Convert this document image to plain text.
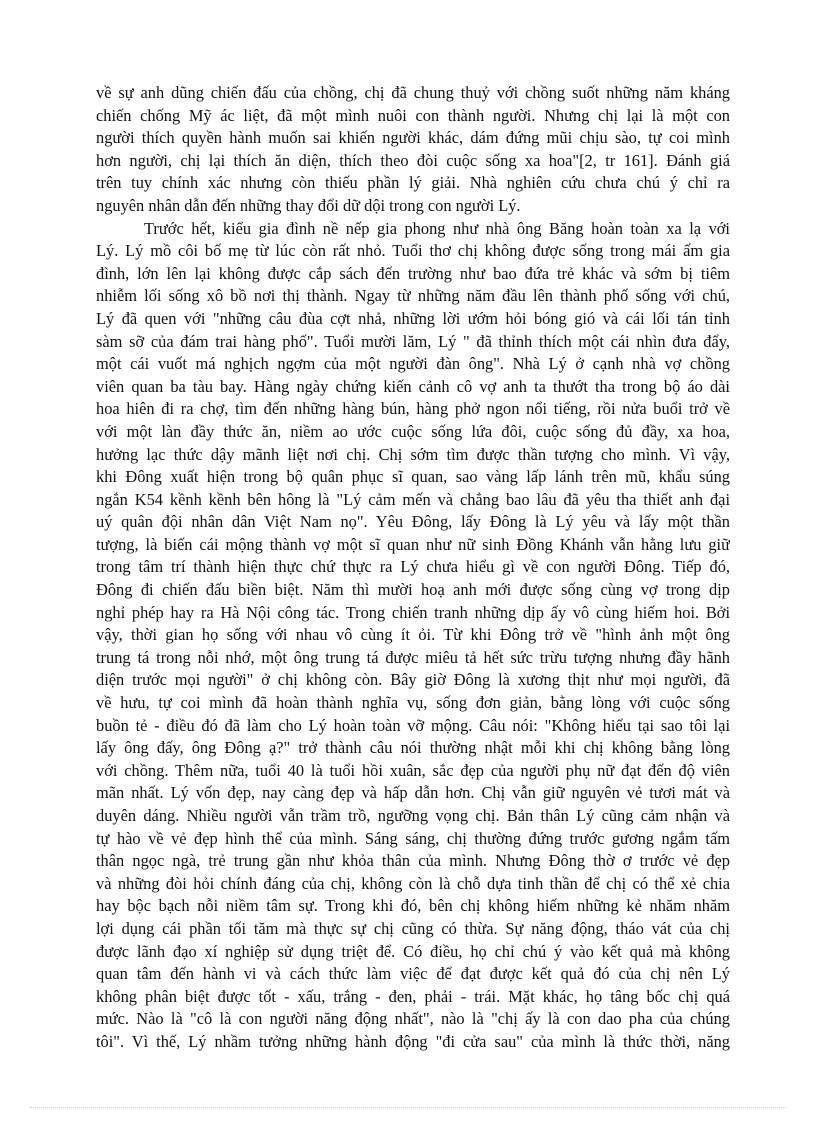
về sự anh dũng chiến đấu của chồng, chị đã chung thuỷ với chồng suốt những năm kháng
chiến chống Mỹ ác liệt, đã một mình nuôi con thành người. Nhưng chị lại là một con
người thích quyền hành muốn sai khiến người khác, dám đứng mũi chịu sào, tự coi mình
hơn người, chị lại thích ăn diện, thích theo đòi cuộc sống xa hoa"[2, tr 161]. Đánh giá
trên tuy chính xác nhưng còn thiếu phần lý giải. Nhà nghiên cứu chưa chú ý chỉ ra
nguyên nhân dẫn đến những thay đổi dữ dội trong con người Lý.
Trước hết, kiểu gia đình nề nếp gia phong như nhà ông Băng hoàn toàn xa lạ với
Lý. Lý mồ côi bố mẹ từ lúc còn rất nhỏ. Tuổi thơ chị không được sống trong mái ấm gia
đình, lớn lên lại không được cắp sách đến trường như bao đứa trẻ khác và sớm bị tiêm
nhiễm lối sống xô bồ nơi thị thành. Ngay từ những năm đầu lên thành phố sống với chú,
Lý đã quen với "những câu đùa cợt nhả, những lời ướm hỏi bóng gió và cái lối tán tỉnh
sàm sỡ của đám trai hàng phố". Tuổi mười lăm, Lý " đã thỉnh thích một cái nhìn đưa đẩy,
một cái vuốt má nghịch ngợm của một người đàn ông". Nhà Lý ở cạnh nhà vợ chồng
viên quan ba tàu bay. Hàng ngày chứng kiến cảnh cô vợ anh ta thướt tha trong bộ áo dài
hoa hiên đi ra chợ, tìm đến những hàng bún, hàng phở ngon nổi tiếng, rồi nửa buổi trở về
với một làn đầy thức ăn, niềm ao ước cuộc sống lứa đôi, cuộc sống đủ đầy, xa hoa,
hưởng lạc thức dậy mãnh liệt nơi chị. Chị sớm tìm được thần tượng cho mình. Vì vậy,
khi Đông xuất hiện trong bộ quân phục sĩ quan, sao vàng lấp lánh trên mũ, khẩu súng
ngắn K54 kềnh kềnh bên hông là "Lý cảm mến và chẳng bao lâu đã yêu tha thiết anh đại
uý quân đội nhân dân Việt Nam nọ". Yêu Đông, lấy Đông là Lý yêu và lấy một thần
tượng, là biến cái mộng thành vợ một sĩ quan như nữ sinh Đồng Khánh vẫn hằng lưu giữ
trong tâm trí thành hiện thực chứ thực ra Lý chưa hiểu gì về con người Đông. Tiếp đó,
Đông đi chiến đấu biền biệt. Năm thì mười hoạ anh mới được sống cùng vợ trong dịp
nghỉ phép hay ra Hà Nội công tác. Trong chiến tranh những dịp ấy vô cùng hiếm hoi. Bởi
vậy, thời gian họ sống với nhau vô cùng ít ỏi. Từ khi Đông trở về "hình ảnh một ông
trung tá trong nỗi nhớ, một ông trung tá được miêu tả hết sức trừu tượng nhưng đầy hãnh
diện trước mọi người" ở chị không còn. Bây giờ Đông là xương thịt như mọi người, đã
về hưu, tự coi mình đã hoàn thành nghĩa vụ, sống đơn giản, bằng lòng với cuộc sống
buồn tẻ - điều đó đã làm cho Lý hoàn toàn vỡ mộng. Câu nói: "Không hiểu tại sao tôi lại
lấy ông đấy, ông Đông ạ?" trở thành câu nói thường nhật mỗi khi chị không bằng lòng
với chồng. Thêm nữa, tuổi 40 là tuổi hồi xuân, sắc đẹp của người phụ nữ đạt đến độ viên
mãn nhất. Lý vốn đẹp, nay càng đẹp và hấp dẫn hơn. Chị vẫn giữ nguyên vẻ tươi mát và
duyên dáng. Nhiều người vẫn trầm trồ, ngưỡng vọng chị. Bản thân Lý cũng cảm nhận và
tự hào về vẻ đẹp hình thể của mình. Sáng sáng, chị thường đứng trước gương ngắm tấm
thân ngọc ngà, trẻ trung gần như khỏa thân của mình. Nhưng Đông thờ ơ trước vẻ đẹp
và những đòi hỏi chính đáng của chị, không còn là chỗ dựa tinh thần để chị có thể xẻ chia
hay bộc bạch nỗi niềm tâm sự. Trong khi đó, bên chị không hiếm những kẻ nhăm nhăm
lợi dụng cái phần tối tăm mà thực sự chị cũng có thừa. Sự năng động, tháo vát của chị
được lãnh đạo xí nghiệp sử dụng triệt để. Có điều, họ chỉ chú ý vào kết quả mà không
quan tâm đến hành vi và cách thức làm việc để đạt được kết quả đó của chị nên Lý
không phân biệt được tốt - xấu, trắng - đen, phải - trái. Mặt khác, họ tâng bốc chị quá
mức. Nào là "cô là con người năng động nhất", nào là "chị ấy là con dao pha của chúng
tôi". Vì thế, Lý nhầm tưởng những hành động "đi cửa sau" của mình là thức thời, năng
